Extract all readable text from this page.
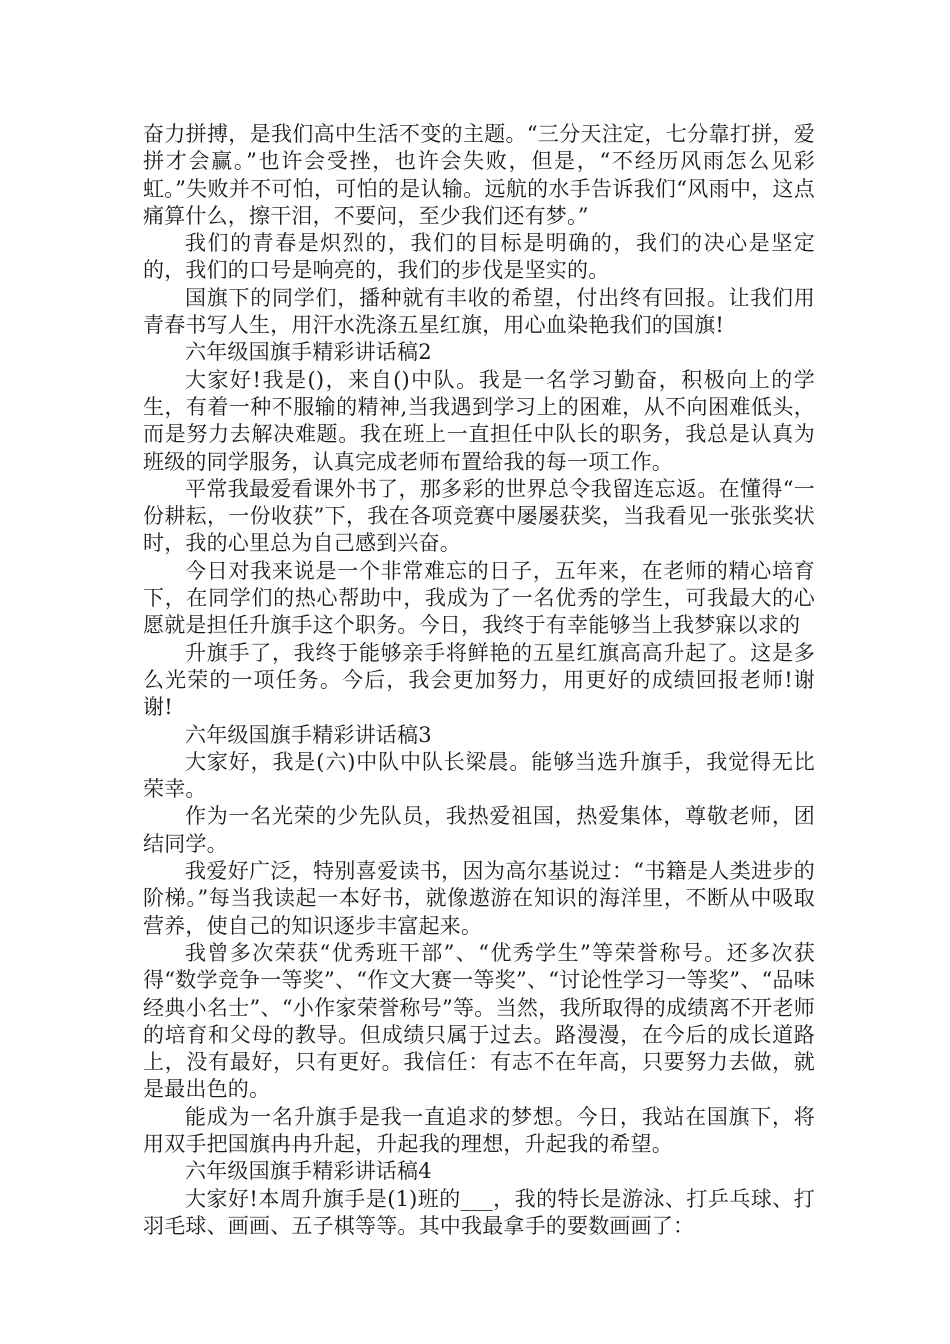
奋力拼搏，是我们高中生活不变的主题。“三分天注定，七分靠打拼，爱拼才会赢。”也许会受挫，也许会失败，但是，“不经历风雨怎么见彩虹。”失败并不可怕，可怕的是认输。远航的水手告诉我们“风雨中，这点痛算什么，擦干泪，不要问，至少我们还有梦。”

我们的青春是炽烈的，我们的目标是明确的，我们的决心是坚定的，我们的口号是响亮的，我们的步伐是坚实的。

国旗下的同学们，播种就有丰收的希望，付出终有回报。让我们用青春书写人生，用汗水洗涤五星红旗，用心血染艳我们的国旗!

六年级国旗手精彩讲话稿2

大家好!我是()，来自()中队。我是一名学习勤奋，积极向上的学生，有着一种不服输的精神,当我遇到学习上的困难，从不向困难低头，而是努力去解决难题。我在班上一直担任中队长的职务，我总是认真为班级的同学服务，认真完成老师布置给我的每一项工作。

平常我最爱看课外书了，那多彩的世界总令我留连忘返。在懂得“一份耕耘，一份收获”下，我在各项竞赛中屡屡获奖，当我看见一张张奖状时，我的心里总为自己感到兴奋。

今日对我来说是一个非常难忘的日子，五年来，在老师的精心培育下，在同学们的热心帮助中，我成为了一名优秀的学生，可我最大的心愿就是担任升旗手这个职务。今日，我终于有幸能够当上我梦寐以求的

升旗手了，我终于能够亲手将鲜艳的五星红旗高高升起了。这是多么光荣的一项任务。今后，我会更加努力，用更好的成绩回报老师!谢谢!

六年级国旗手精彩讲话稿3

大家好，我是(六)中队中队长梁晨。能够当选升旗手，我觉得无比荣幸。

作为一名光荣的少先队员，我热爱祖国，热爱集体，尊敬老师，团结同学。

我爱好广泛，特别喜爱读书，因为高尔基说过：“书籍是人类进步的阶梯。”每当我读起一本好书，就像遨游在知识的海洋里，不断从中吸取营养，使自己的知识逐步丰富起来。

我曾多次荣获“优秀班干部”、“优秀学生”等荣誉称号。还多次获得“数学竞争一等奖”、“作文大赛一等奖”、“讨论性学习一等奖”、“品味经典小名士”、“小作家荣誉称号”等。当然，我所取得的成绩离不开老师的培育和父母的教导。但成绩只属于过去。路漫漫，在今后的成长道路上，没有最好，只有更好。我信任：有志不在年高，只要努力去做，就是最出色的。

能成为一名升旗手是我一直追求的梦想。今日，我站在国旗下，将用双手把国旗冉冉升起，升起我的理想，升起我的希望。

六年级国旗手精彩讲话稿4

大家好!本周升旗手是(1)班的___，我的特长是游泳、打乒乓球、打羽毛球、画画、五子棋等等。其中我最拿手的要数画画了：
